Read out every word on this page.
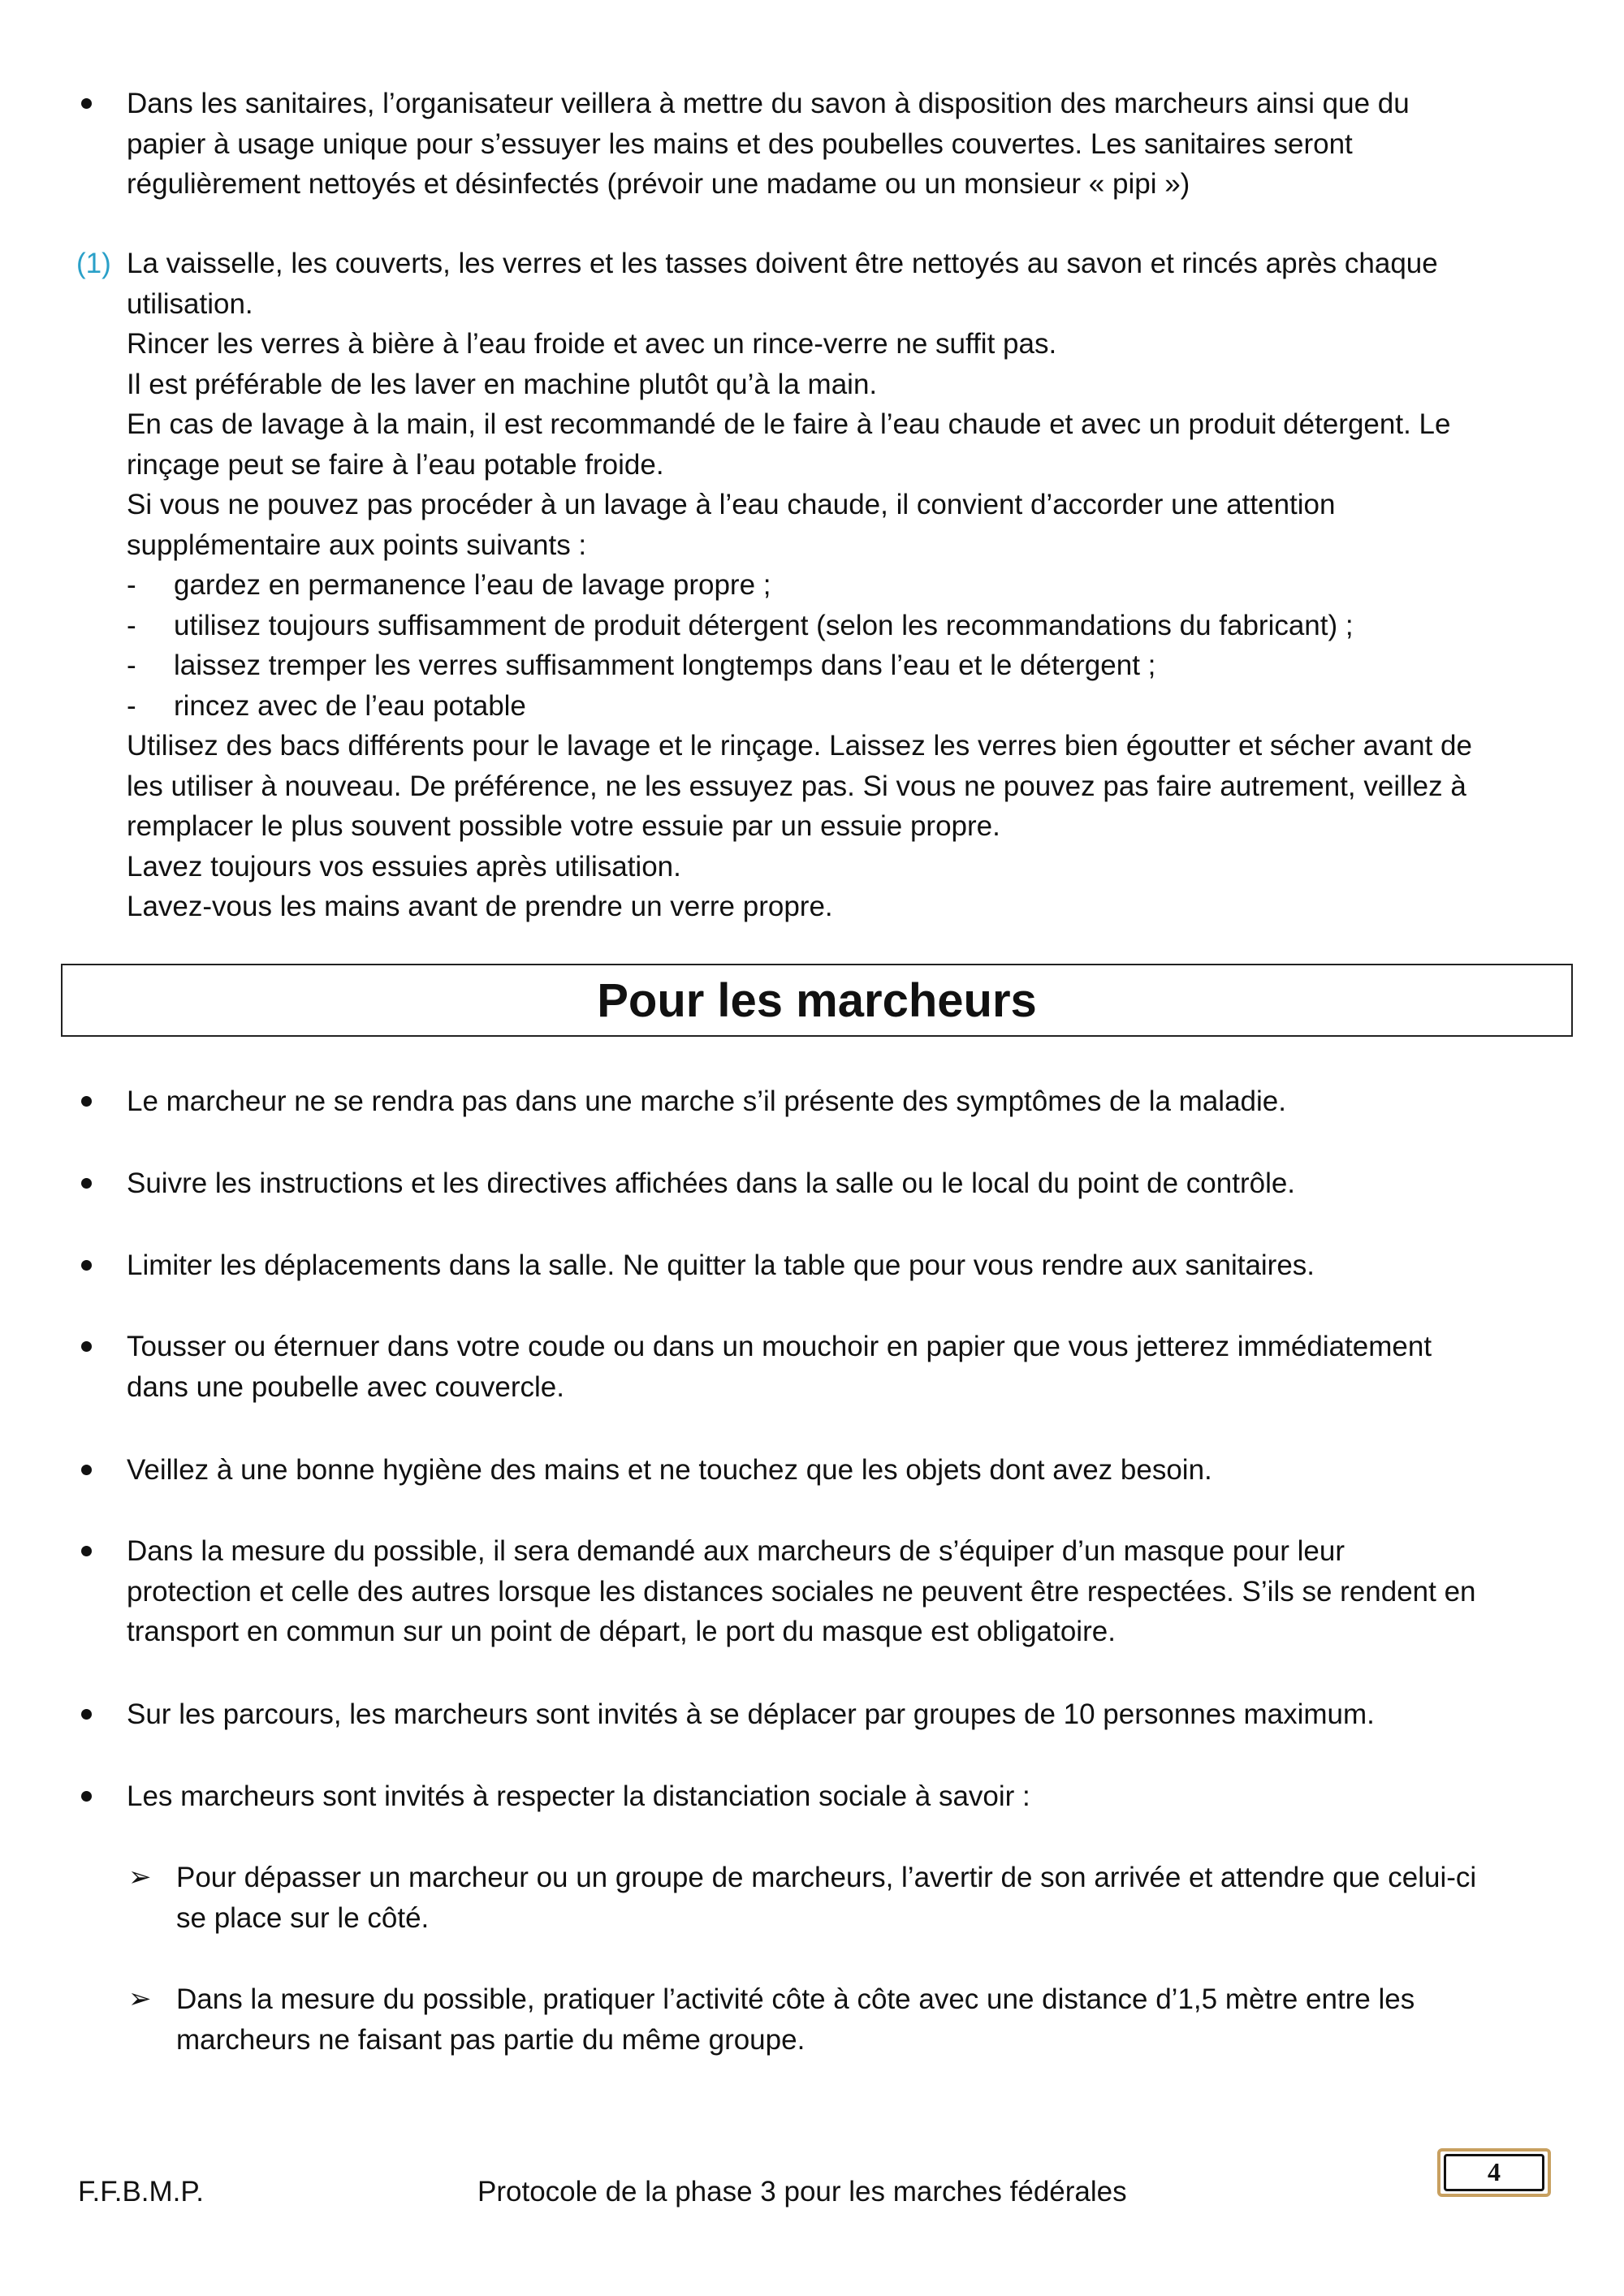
Dans les sanitaires, l’organisateur veillera à mettre du savon à disposition des marcheurs ainsi que du
papier à usage unique pour s’essuyer les mains et des poubelles couvertes. Les sanitaires seront
régulièrement nettoyés et désinfectés (prévoir une madame ou un monsieur « pipi »)
(1) La vaisselle, les couverts, les verres et les tasses doivent être nettoyés au savon et rincés après chaque
utilisation.
Rincer les verres à bière à l’eau froide et avec un rince-verre ne suffit pas.
Il est préférable de les laver en machine plutôt qu’à la main.
En cas de lavage à la main, il est recommandé de le faire à l’eau chaude et avec un produit détergent. Le
rinçage peut se faire à l’eau potable froide.
Si vous ne pouvez pas procéder à un lavage à l’eau chaude, il convient d’accorder une attention
supplémentaire aux points suivants :
- gardez en permanence l’eau de lavage propre ;
- utilisez toujours suffisamment de produit détergent (selon les recommandations du fabricant) ;
- laissez tremper les verres suffisamment longtemps dans l’eau et le détergent ;
- rincez avec de l’eau potable
Utilisez des bacs différents pour le lavage et le rinçage. Laissez les verres bien égoutter et sécher avant de
les utiliser à nouveau. De préférence, ne les essuyez pas. Si vous ne pouvez pas faire autrement, veillez à
remplacer le plus souvent possible votre essuie par un essuie propre.
Lavez toujours vos essuies après utilisation.
Lavez-vous les mains avant de prendre un verre propre.
Pour les marcheurs
Le marcheur ne se rendra pas dans une marche s’il présente des symptômes de la maladie.
Suivre les instructions et les directives affichées dans la salle ou le local du point de contrôle.
Limiter les déplacements dans la salle. Ne quitter la table que pour vous rendre aux sanitaires.
Tousser ou éternuer dans votre coude ou dans un mouchoir en papier que vous jetterez immédiatement
dans une poubelle avec couvercle.
Veillez à une bonne hygiène des mains et ne touchez que les objets dont avez besoin.
Dans la mesure du possible, il sera demandé aux marcheurs de s’équiper d’un masque pour leur
protection et celle des autres lorsque les distances sociales ne peuvent être respectées. S’ils se rendent en
transport en commun sur un point de départ, le port du masque est obligatoire.
Sur les parcours, les marcheurs sont invités à se déplacer par groupes de 10 personnes maximum.
Les marcheurs sont invités à respecter la distanciation sociale à savoir :
➢ Pour dépasser un marcheur ou un groupe de marcheurs, l’avertir de son arrivée et attendre que celui-ci
se place sur le côté.
➢ Dans la mesure du possible, pratiquer l’activité côte à côte avec une distance d’1,5 mètre entre les
marcheurs ne faisant pas partie du même groupe.
F.F.B.M.P.	Protocole de la phase 3 pour les marches fédérales
4
